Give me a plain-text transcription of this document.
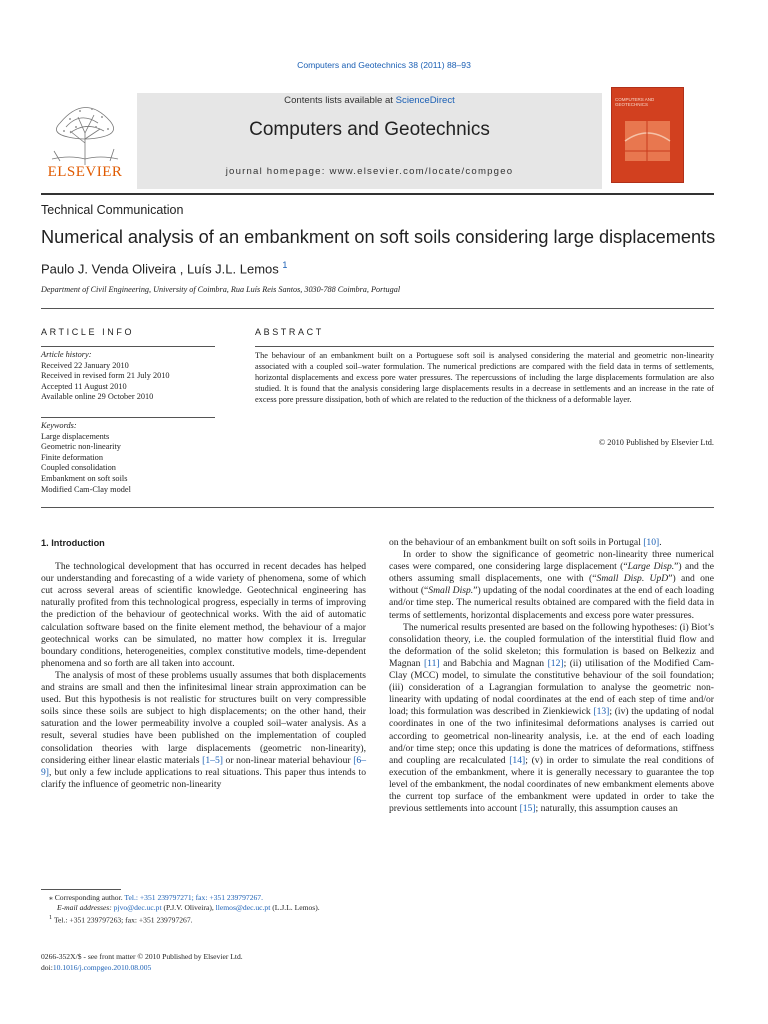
Computers and Geotechnics 38 (2011) 88–93
ELSEVIER
Contents lists available at ScienceDirect
Computers and Geotechnics
journal homepage: www.elsevier.com/locate/compgeo
COMPUTERS AND GEOTECHNICS
Technical Communication
Numerical analysis of an embankment on soft soils considering large displacements
Paulo J. Venda Oliveira , Luís J.L. Lemos $^1$
Department of Civil Engineering, University of Coimbra, Rua Luís Reis Santos, 3030-788 Coimbra, Portugal
ARTICLE INFO
Article history:
Received 22 January 2010
Received in revised form 21 July 2010
Accepted 11 August 2010
Available online 29 October 2010
Keywords:
Large displacements
Geometric non-linearity
Finite deformation
Coupled consolidation
Embankment on soft soils
Modified Cam-Clay model
ABSTRACT
The behaviour of an embankment built on a Portuguese soft soil is analysed considering the material and geometric non-linearity associated with a coupled soil–water formulation. The numerical predictions are compared with the field data in terms of settlements, horizontal displacements and excess pore water pressures. The repercussions of including the large displacements formulation are also studied. It is found that the analysis considering large displacements results in a decrease in settlements and an increase in the rate of excess pore pressure dissipation, both of which are related to the reduction of the thickness of a deformable layer.
© 2010 Published by Elsevier Ltd.

1. Introduction

The technological development that has occurred in recent decades has helped our understanding and forecasting of a wide variety of phenomena, some of which cut across several areas of scientific knowledge. Geotechnical engineering has naturally profited from this technological progress, especially in terms of improving the prediction of the behaviour of geotechnical works. With the aid of automatic calculation software based on the finite element method, the behaviour of a major geotechnical works can be simulated, no matter how complex it is. Irregular boundary conditions, heterogeneities, complex constitutive models, time-dependent phenomena and so forth are all taken into account.

The analysis of most of these problems usually assumes that both displacements and strains are small and then the infinitesimal linear strain approximation can be used. But this hypothesis is not realistic for structures built on very compressible soils since these soils are subject to high displacements; on the other hand, their saturation and the lower permeability involve a coupled soil–water analysis. As a result, several studies have been published on the implementation of coupled consolidation theories with large displacements (geometric non-linearity), considering either linear elastic materials [1–5] or non-linear material behaviour [6–9], but only a few include applications to real situations. This paper thus intends to clarify the influence of geometric non-linearity

on the behaviour of an embankment built on soft soils in Portugal [10].

In order to show the significance of geometric non-linearity three numerical cases were compared, one considering large displacement (“Large Disp.”) and the others assuming small displacements, one with (“Small Disp. UpD”) and one without (“Small Disp.”) updating of the nodal coordinates at the end of each loading and/or time step. The numerical results obtained are compared with the field data in terms of settlements, horizontal displacements and excess pore water pressures.

The numerical results presented are based on the following hypotheses: (i) Biot’s consolidation theory, i.e. the coupled formulation of the interstitial fluid flow and the deformation of the solid skeleton; this formulation is based on Belkeziz and Magnan [11] and Babchia and Magnan [12]; (ii) utilisation of the Modified Cam-Clay (MCC) model, to simulate the constitutive behaviour of the soil foundation; (iii) consideration of a Lagrangian formulation to analyse the geometric non-linearity with updating of nodal coordinates at the end of each step of time and/or load; this formulation was described in Zienkiewick [13]; (iv) the updating of nodal coordinates in one of the two infinitesimal deformations analyses is carried out according to geometrical non-linearity analysis, i.e. at the end of each loading and/or time step; once this updating is done the matrices of deformations, stiffness and coupling are recalculated [14]; (v) in order to simulate the real conditions of execution of the embankment, where it is generally necessary to guarantee the top level of the embankment, the nodal coordinates of new embankment elements above the current top surface of the embankment were updated in order to take the previous settlements into account [15]; naturally, this assumption causes an

⁎ Corresponding author. Tel.: +351 239797271; fax: +351 239797267.
E-mail addresses: pjvo@dec.uc.pt (P.J.V. Oliveira), llemos@dec.uc.pt (L.J.L. Lemos).
$^1$ Tel.: +351 239797263; fax: +351 239797267.
0266-352X/$ - see front matter © 2010 Published by Elsevier Ltd.
doi:10.1016/j.compgeo.2010.08.005
